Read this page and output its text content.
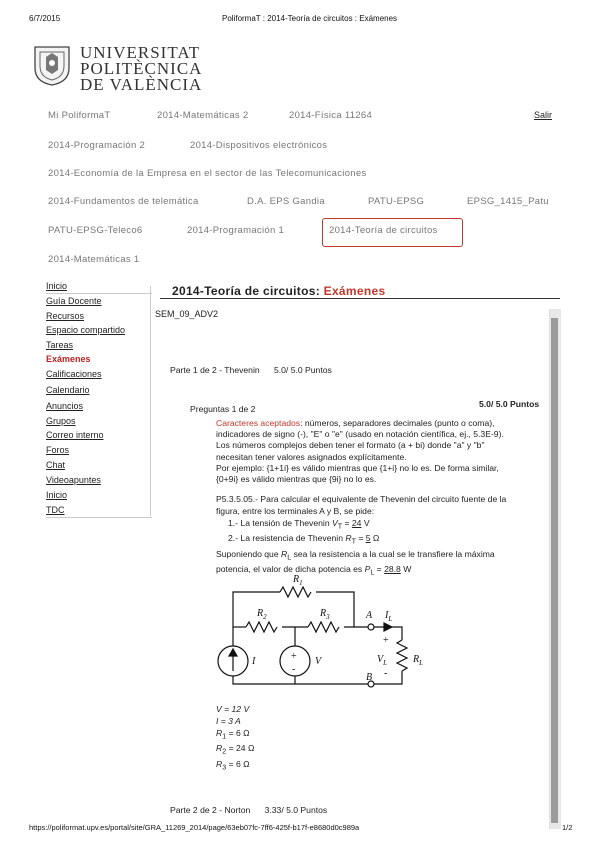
6/7/2015	PoliformaT : 2014-Teoría de circuitos : Exámenes
UNIVERSITAT
POLITÈCNICA
DE VALÈNCIA
Mi PoliformaT	2014-Matemáticas 2	2014-Física 11264	Salir
2014-Programación 2	2014-Dispositivos electrónicos
2014-Economía de la Empresa en el sector de las Telecomunicaciones
2014-Fundamentos de telemática	D.A. EPS Gandia	PATU-EPSG	EPSG_1415_Patu
PATU-EPSG-Teleco6	2014-Programación 1	2014-Teoría de circuitos
2014-Matemáticas 1
Inicio
Guía Docente
Recursos
Espacio compartido
Tareas
Exámenes
Calificaciones
Calendario
Anuncios
Grupos
Correo interno
Foros
Chat
Videoapuntes
Inicio
TDC
2014-Teoría de circuitos: Exámenes
SEM_09_ADV2
Parte 1 de 2 - Thevenin 5.0/ 5.0 Puntos
Preguntas 1 de 2	5.0/ 5.0 Puntos
Caracteres aceptados: números, separadores decimales (punto o coma),
indicadores de signo (-), "E" o "e" (usado en notación científica, ej., 5.3E-9).
Los números complejos deben tener el formato (a + bi) donde "a" y "b"
necesitan tener valores asignados explícitamente.
Por ejemplo: {1+1i} es válido mientras que {1+i} no lo es. De forma similar,
{0+9i} es válido mientras que {9i} no lo es.
P5.3.5.05.- Para calcular el equivalente de Thevenin del circuito fuente de la
figura, entre los terminales A y B, se pide:
1.- La tensión de Thevenin $V_T = 24$ V
2.- La resistencia de Thevenin $R_T = 5$ Ω
Suponiendo que $R_L$ sea la resistencia a la cual se le transfiere la máxima
potencia, el valor de dicha potencia es $P_L = 28.8$ W
+
-
$R_1$
$R_2$	$R_3$
I	V
A
B
$I_L$
+
$V_L$
-
$R_L$
V = 12 V
I = 3 A
$R_1 = 6$ Ω
$R_2 = 24$ Ω
$R_3 = 6$ Ω
Parte 2 de 2 - Norton 3.33/ 5.0 Puntos
https://poliformat.upv.es/portal/site/GRA_11269_2014/page/63eb07fc-7ff6-425f-b17f-e8680d0c989a	1/2
